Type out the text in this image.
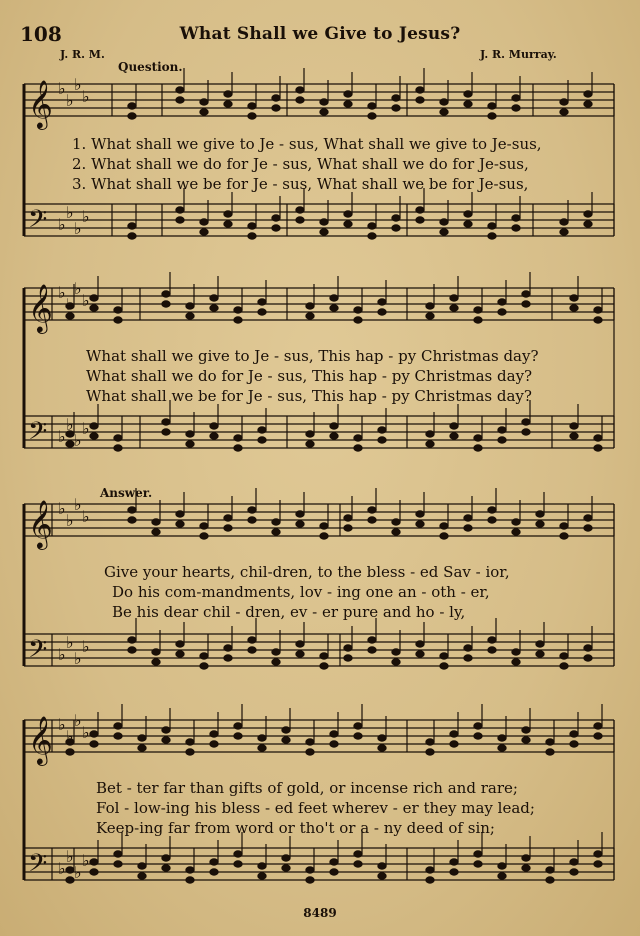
108	What Shall we Give to Jesus?
J. R. M.	J. R. Murray.
𝄞 ♭
♭
♭
♭
𝄢 ♭
♭
♭
♭
𝄞 ♭
♭
♭
♭
𝄢 ♭
♭
♭
♭
𝄞 ♭
♭
♭
♭
𝄢 ♭
♭
♭
♭
𝄞 ♭
♭
♭
♭
𝄢 ♭
♭
♭
♭
Question.
Answer.
1. What shall we give to Je - sus, What shall we give to Je-sus,
2. What shall we do for Je - sus, What shall we do for Je-sus,
3. What shall we be for Je - sus, What shall we be for Je-sus,
What shall we give to Je - sus, This hap - py Christmas day?
What shall we do for Je - sus, This hap - py Christmas day?
What shall we be for Je - sus, This hap - py Christmas day?
Give your hearts, chil-dren, to the bless - ed Sav - ior,
Do his com-mandments, lov - ing one an - oth - er,
Be his dear chil - dren, ev - er pure and ho - ly,
Bet - ter far than gifts of gold, or incense rich and rare;
Fol - low-ing his bless - ed feet wherev - er they may lead;
Keep-ing far from word or tho't or a - ny deed of sin;
8489
